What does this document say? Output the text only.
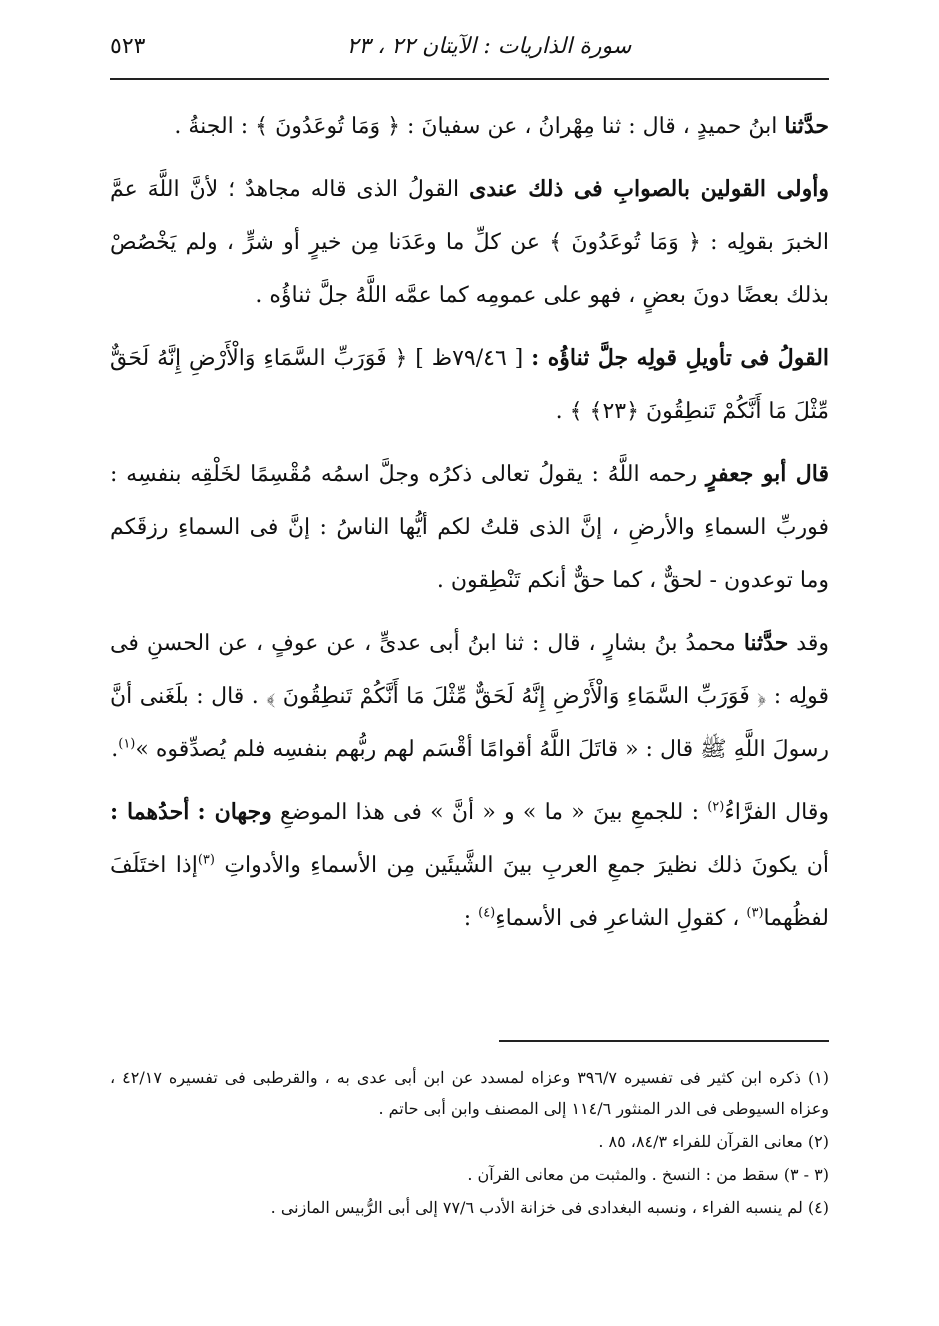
سورة الذاريات : الآيتان ٢٢ ، ٢٣
٥٢٣

حدَّثنا ابنُ حميدٍ ، قال : ثنا مِهْرانُ ، عن سفيانَ : ﴿ وَمَا تُوعَدُونَ ﴾ : الجنةُ .

وأولى القولين بالصوابِ فى ذلك عندى القولُ الذى قاله مجاهدٌ ؛ لأنَّ اللَّهَ عمَّ الخبرَ بقولِه : ﴿ وَمَا تُوعَدُونَ ﴾ عن كلِّ ما وعَدَنا مِن خيرٍ أو شرٍّ ، ولم يَخْصُصْ بذلك بعضًا دونَ بعضٍ ، فهو على عمومِه كما عمَّه اللَّهُ جلَّ ثناؤُه .

القولُ فى تأويلِ قولِه جلَّ ثناؤُه : [ ٧٩/٤٦ظ ] ﴿ فَوَرَبِّ السَّمَاءِ وَالْأَرْضِ إِنَّهُ لَحَقٌّ مِّثْلَ مَا أَنَّكُمْ تَنطِقُونَ ﴿٢٣﴾ ﴾ .

قال أبو جعفرٍ رحمه اللَّهُ : يقولُ تعالى ذكرُه وجلَّ اسمُه مُقْسِمًا لخَلْقِه بنفسِه : فوربِّ السماءِ والأرضِ ، إنَّ الذى قلتُ لكم أيُّها الناسُ : إنَّ فى السماءِ رزقَكم وما توعدون - لحقٌّ ، كما حقٌّ أنكم تَنْطِقون .

وقد حدَّثنا محمدُ بنُ بشارٍ ، قال : ثنا ابنُ أبى عدىٍّ ، عن عوفٍ ، عن الحسنِ فى قولِه : ﴿ فَوَرَبِّ السَّمَاءِ وَالْأَرْضِ إِنَّهُ لَحَقٌّ مِّثْلَ مَا أَنَّكُمْ تَنطِقُونَ ﴾ . قال : بلَغَنى أنَّ رسولَ اللَّهِ ﷺ قال : « قاتَلَ اللَّهُ أقوامًا أقْسَم لهم ربُّهم بنفسِه فلم يُصدِّقوه »$^{(١)}$.

وقال الفرَّاءُ$^{(٢)}$ : للجمعِ بينَ « ما » و « أنَّ » فى هذا الموضعِ وجهان : أحدُهما : أن يكونَ ذلك نظيرَ جمعِ العربِ بينَ الشَّيئَين مِن الأسماءِ والأدواتِ $^{(٣)}$إذا اختَلَفَ لفظُهما$^{(٣)}$ ، كقولِ الشاعرِ فى الأسماءِ$^{(٤)}$ :

(١) ذكره ابن كثير فى تفسيره ٣٩٦/٧ وعزاه لمسدد عن ابن أبى عدى به ، والقرطبى فى تفسيره ٤٢/١٧ ، وعزاه السيوطى فى الدر المنثور ١١٤/٦ إلى المصنف وابن أبى حاتم .

(٢) معانى القرآن للفراء ٨٤/٣، ٨٥ .

(٣ - ٣) سقط من : النسخ . والمثبت من معانى القرآن .

(٤) لم ينسبه الفراء ، ونسبه البغدادى فى خزانة الأدب ٧٧/٦ إلى أبى الرُّبيس المازنى .
